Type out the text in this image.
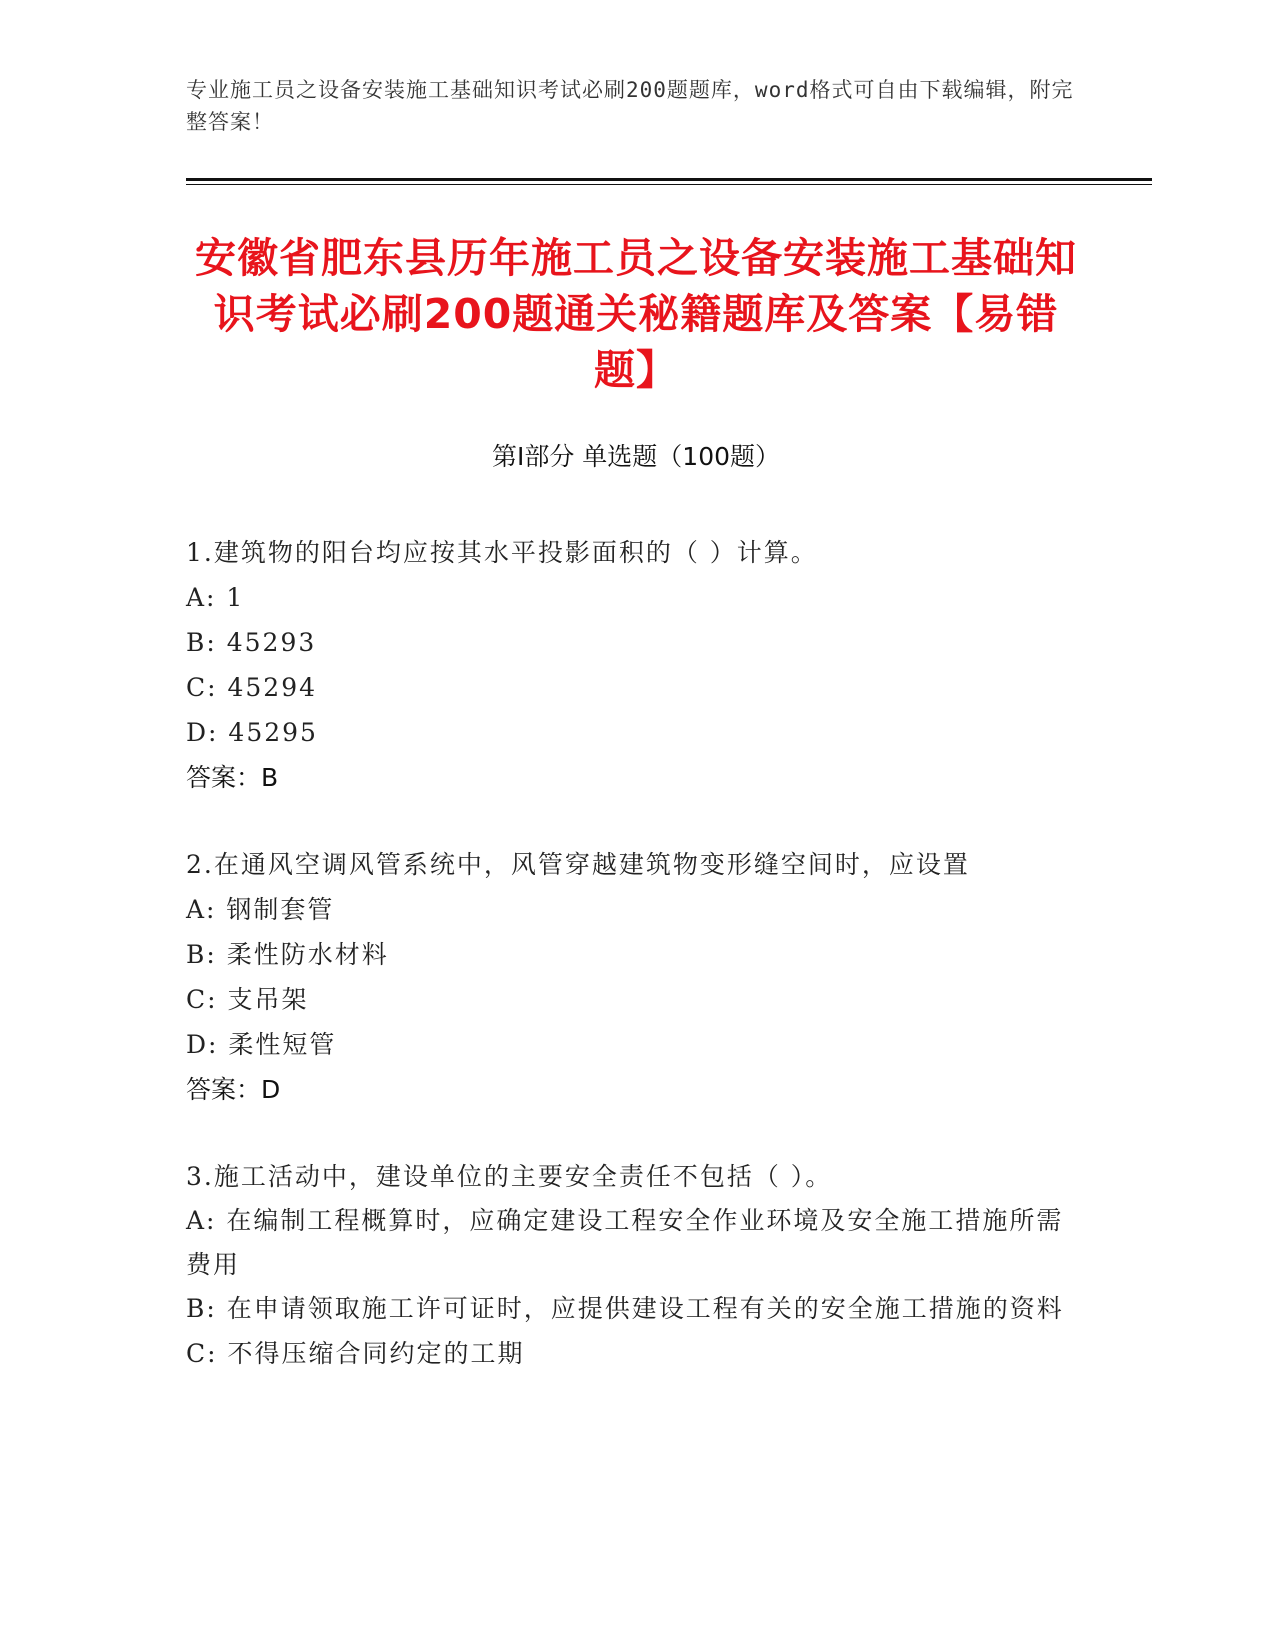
专业施工员之设备安装施工基础知识考试必刷200题题库，word格式可自由下载编辑，附完整答案！
安徽省肥东县历年施工员之设备安装施工基础知识考试必刷200题通关秘籍题库及答案【易错题】
第Ⅰ部分 单选题（100题）
1.建筑物的阳台均应按其水平投影面积的（ ）计算。
A: 1
B: 45293
C: 45294
D: 45295
答案：B
2.在通风空调风管系统中，风管穿越建筑物变形缝空间时，应设置
A: 钢制套管
B: 柔性防水材料
C: 支吊架
D: 柔性短管
答案：D
3.施工活动中，建设单位的主要安全责任不包括（ ）。
A: 在编制工程概算时，应确定建设工程安全作业环境及安全施工措施所需费用
B: 在申请领取施工许可证时，应提供建设工程有关的安全施工措施的资料
C: 不得压缩合同约定的工期
